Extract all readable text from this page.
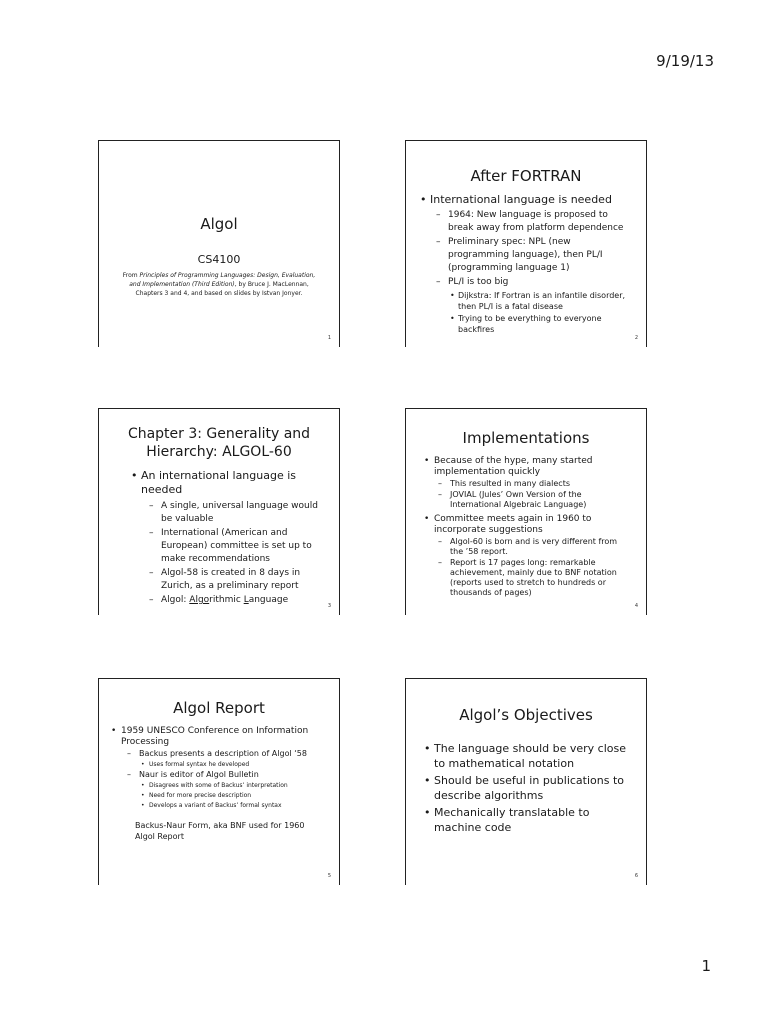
9/19/13
Algol
CS4100
From Principles of Programming Languages: Design, Evaluation, and Implementation (Third Edition), by Bruce J. MacLennan, Chapters 3 and 4, and based on slides by Istvan Jonyer.
1
After FORTRAN
• International language is needed
– 1964: New language is proposed to break away from platform dependence
– Preliminary spec: NPL (new programming language), then PL/I (programming language 1)
– PL/I is too big
• Dijkstra: If Fortran is an infantile disorder, then PL/I is a fatal disease
• Trying to be everything to everyone backfires
2
Chapter 3: Generality and Hierarchy: ALGOL-60
• An international language is needed
– A single, universal language would be valuable
– International (American and European) committee is set up to make recommendations
– Algol-58 is created in 8 days in Zurich, as a preliminary report
– Algol: Algorithmic Language
3
Implementations
• Because of the hype, many started implementation quickly
– This resulted in many dialects
– JOVIAL (Jules’ Own Version of the International Algebraic Language)
• Committee meets again in 1960 to incorporate suggestions
– Algol-60 is born and is very different from the ’58 report.
– Report is 17 pages long: remarkable achievement, mainly due to BNF notation (reports used to stretch to hundreds or thousands of pages)
4
Algol Report
• 1959 UNESCO Conference on Information Processing
– Backus presents a description of Algol ‘58
• Uses formal syntax he developed
– Naur is editor of Algol Bulletin
• Disagrees with some of Backus’ interpretation
• Need for more precise description
• Develops a variant of Backus’ formal syntax
Backus-Naur Form, aka BNF used for 1960 Algol Report
5
Algol’s Objectives
• The language should be very close to mathematical notation
• Should be useful in publications to describe algorithms
• Mechanically translatable to machine code
6
1
